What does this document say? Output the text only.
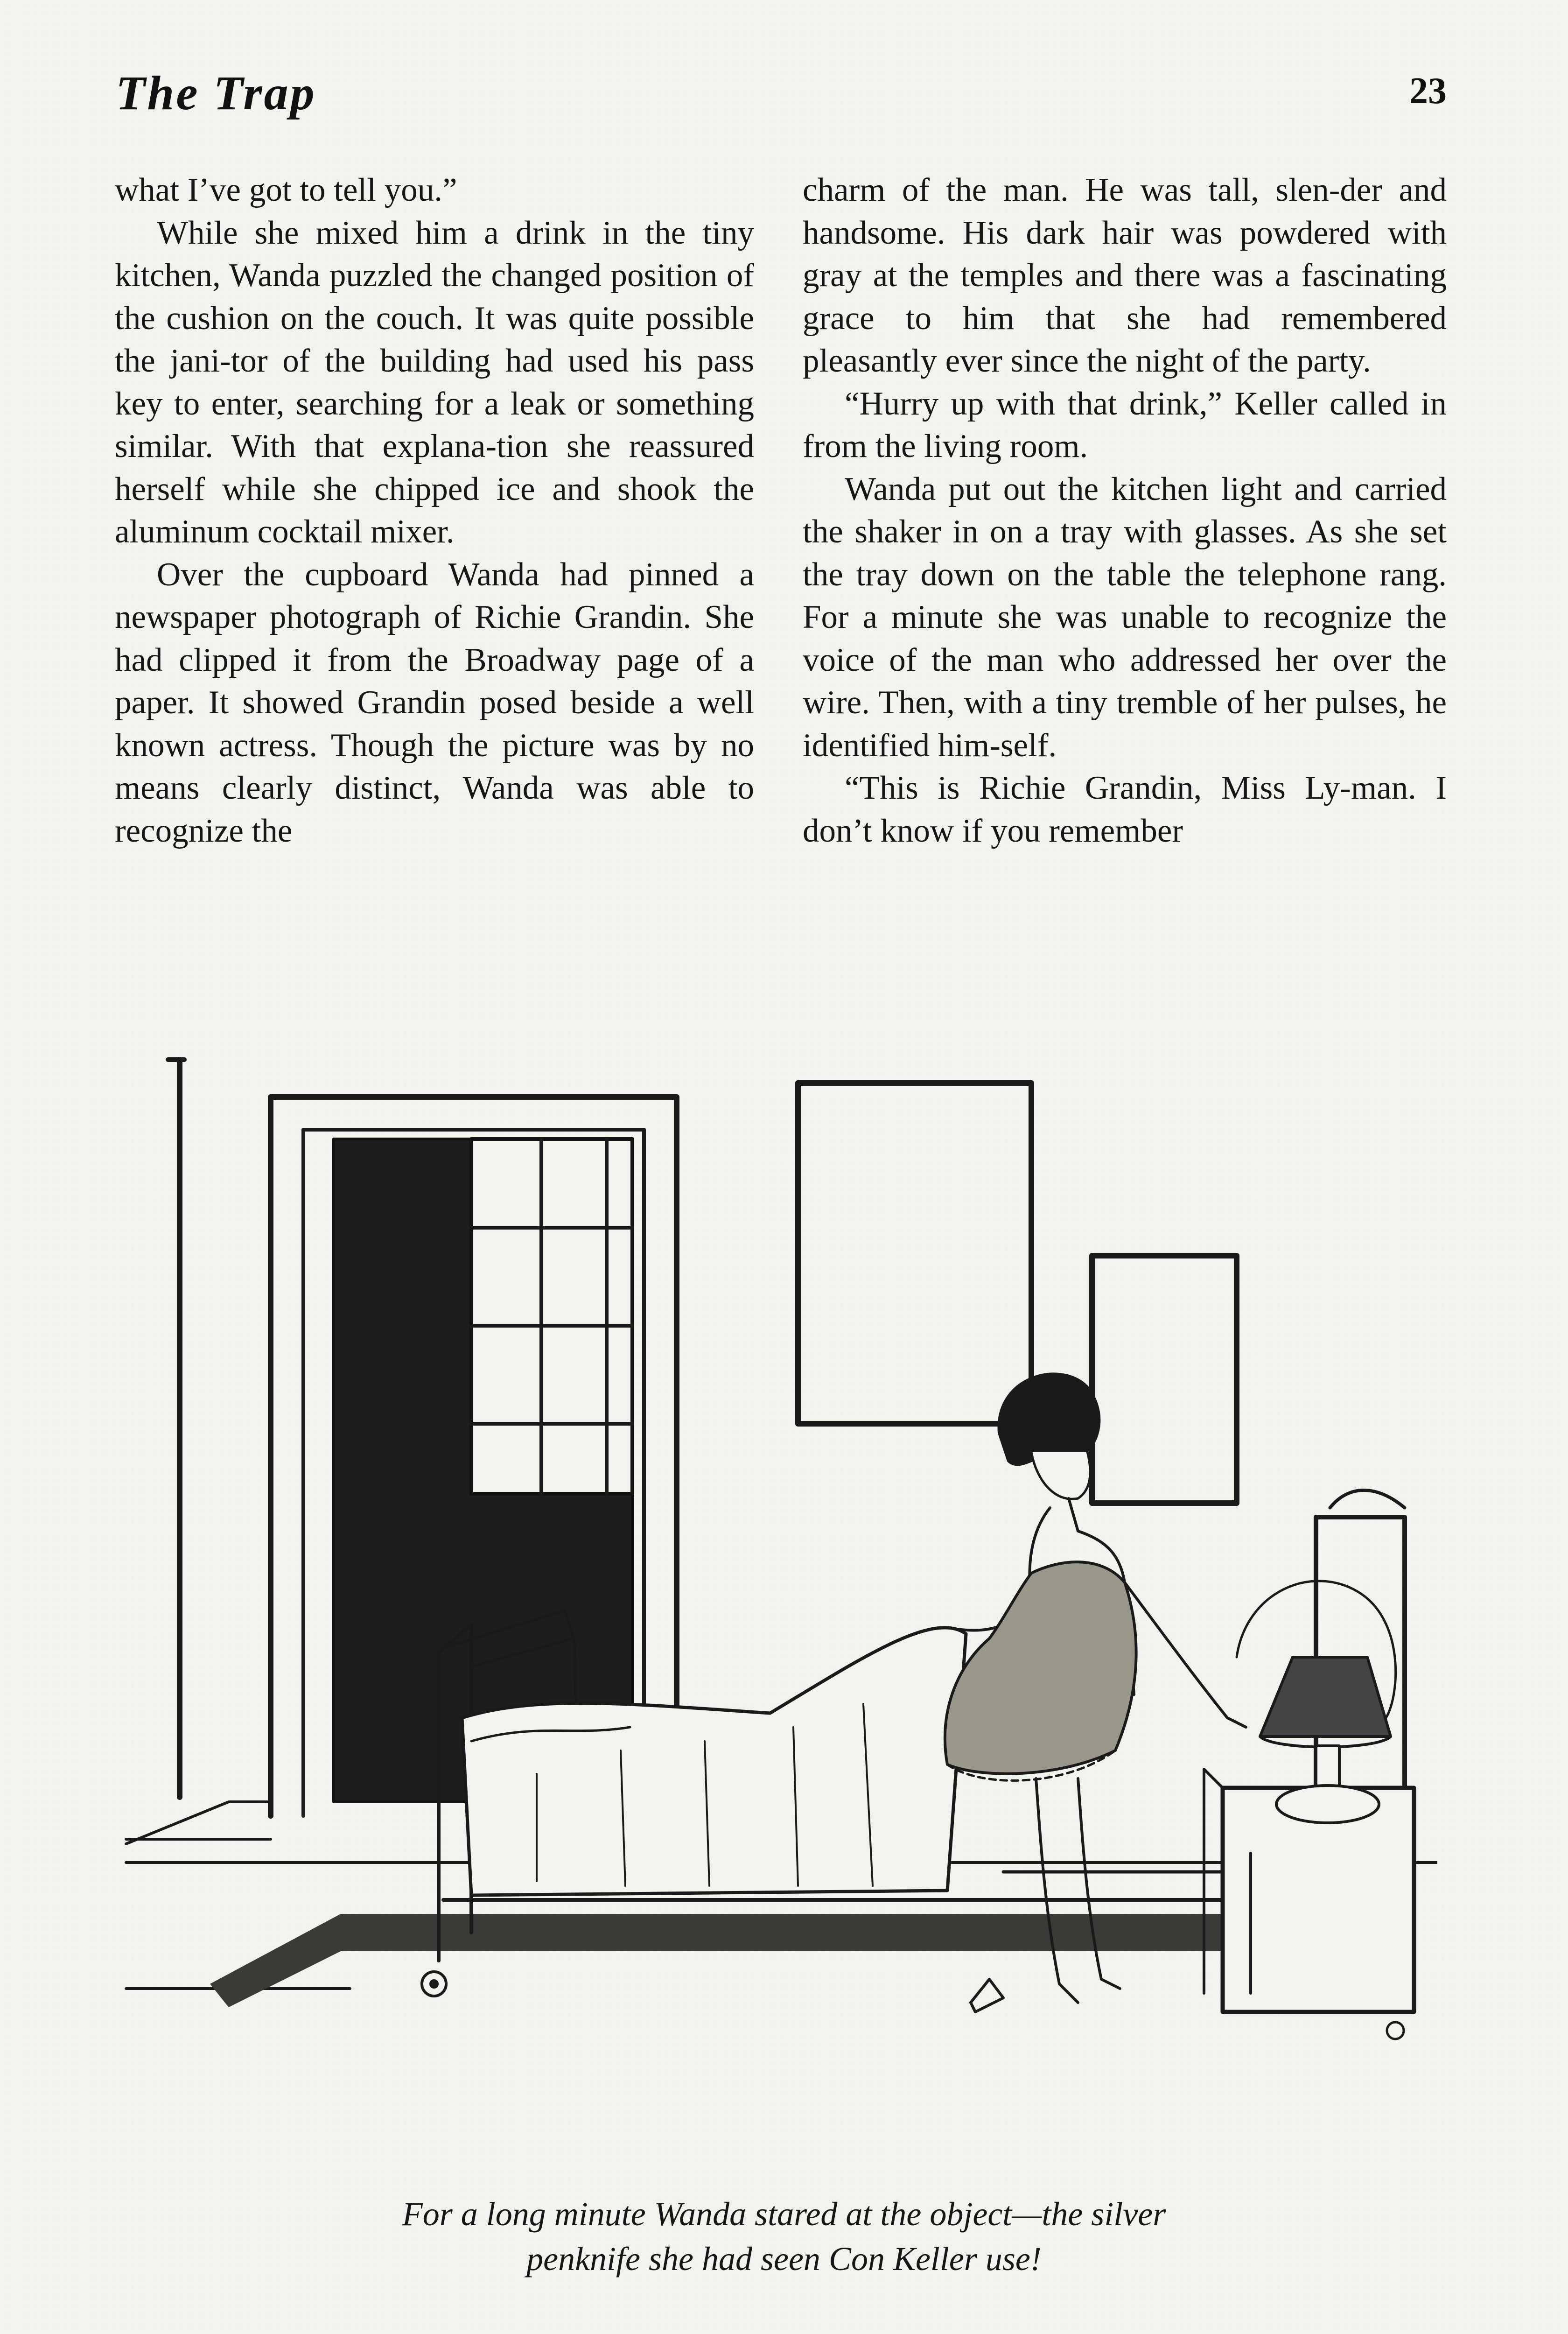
The Trap	23

what I’ve got to tell you.”

While she mixed him a drink in the tiny kitchen, Wanda puzzled the changed position of the cushion on the couch. It was quite possible the jani-tor of the building had used his pass key to enter, searching for a leak or something similar. With that explana-tion she reassured herself while she chipped ice and shook the aluminum cocktail mixer.

Over the cupboard Wanda had pinned a newspaper photograph of Richie Grandin. She had clipped it from the Broadway page of a paper. It showed Grandin posed beside a well known actress. Though the picture was by no means clearly distinct, Wanda was able to recognize the

charm of the man. He was tall, slen-der and handsome. His dark hair was powdered with gray at the temples and there was a fascinating grace to him that she had remembered pleasantly ever since the night of the party.

“Hurry up with that drink,” Keller called in from the living room.

Wanda put out the kitchen light and carried the shaker in on a tray with glasses. As she set the tray down on the table the telephone rang. For a minute she was unable to recognize the voice of the man who addressed her over the wire. Then, with a tiny tremble of her pulses, he identified him-self.

“This is Richie Grandin, Miss Ly-man. I don’t know if you remember

For a long minute Wanda stared at the object—the silver
penknife she had seen Con Keller use!
